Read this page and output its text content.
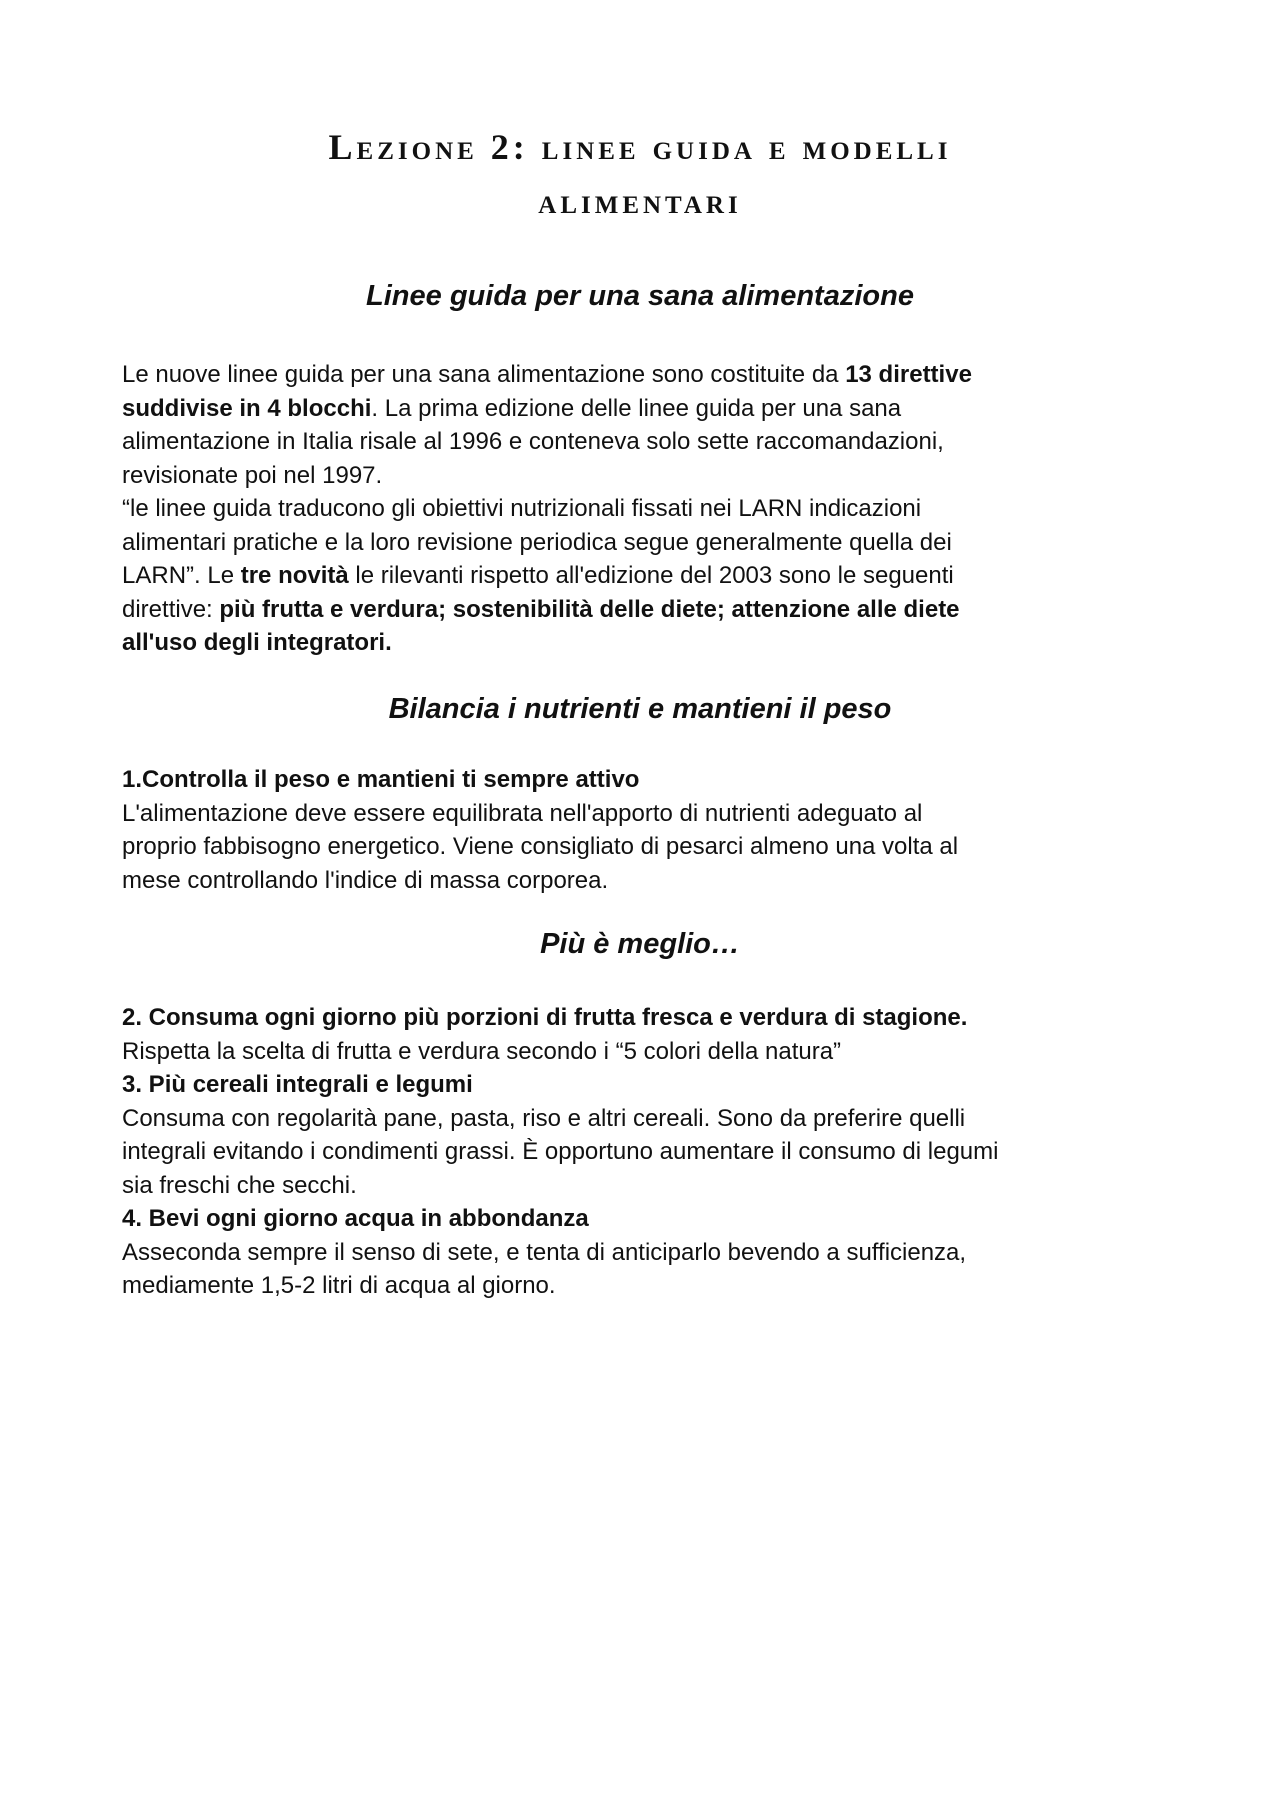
Lezione 2: linee guida e modelli
alimentari
Linee guida per una sana alimentazione
Le nuove linee guida per una sana alimentazione sono costituite da 13 direttive
suddivise in 4 blocchi. La prima edizione delle linee guida per una sana
alimentazione in Italia risale al 1996 e conteneva solo sette raccomandazioni,
revisionate poi nel 1997.
“le linee guida traducono gli obiettivi nutrizionali fissati nei LARN indicazioni
alimentari pratiche e la loro revisione periodica segue generalmente quella dei
LARN”. Le tre novità le rilevanti rispetto all'edizione del 2003 sono le seguenti
direttive: più frutta e verdura; sostenibilità delle diete; attenzione alle diete
all'uso degli integratori.
Bilancia i nutrienti e mantieni il peso
1.Controlla il peso e mantieni ti sempre attivo
L'alimentazione deve essere equilibrata nell'apporto di nutrienti adeguato al
proprio fabbisogno energetico. Viene consigliato di pesarci almeno una volta al
mese controllando l'indice di massa corporea.
Più è meglio…
2. Consuma ogni giorno più porzioni di frutta fresca e verdura di stagione.
Rispetta la scelta di frutta e verdura secondo i “5 colori della natura”
3. Più cereali integrali e legumi
Consuma con regolarità pane, pasta, riso e altri cereali. Sono da preferire quelli
integrali evitando i condimenti grassi. È opportuno aumentare il consumo di legumi
sia freschi che secchi.
4. Bevi ogni giorno acqua in abbondanza
Asseconda sempre il senso di sete, e tenta di anticiparlo bevendo a sufficienza,
mediamente 1,5-2 litri di acqua al giorno.
